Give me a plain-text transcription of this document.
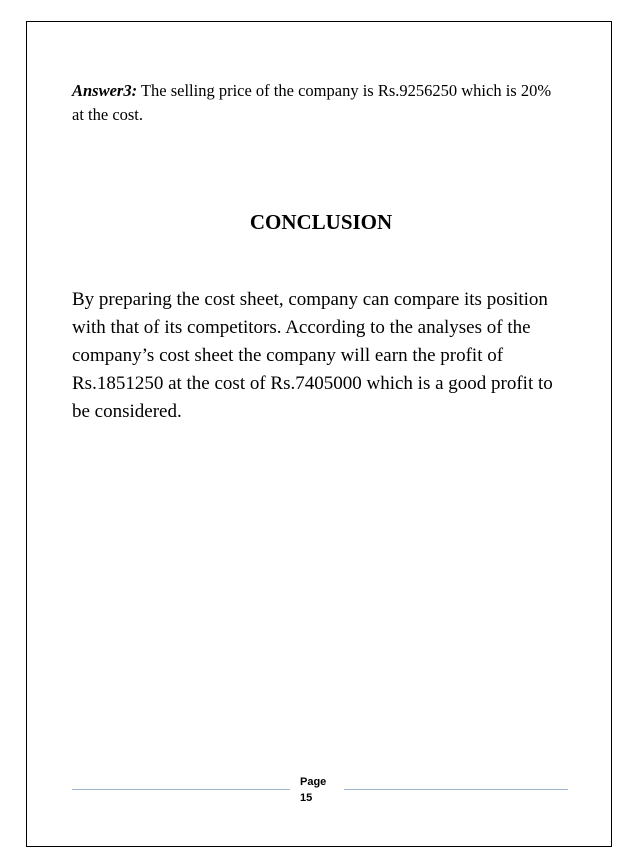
Answer3: The selling price of the company is Rs.9256250 which is 20% at the cost.
CONCLUSION
By preparing the cost sheet, company can compare its position with that of its competitors. According to the analyses of the company’s cost sheet the company will earn the profit of Rs.1851250 at the cost of Rs.7405000 which is a good profit to be considered.
Page
15
